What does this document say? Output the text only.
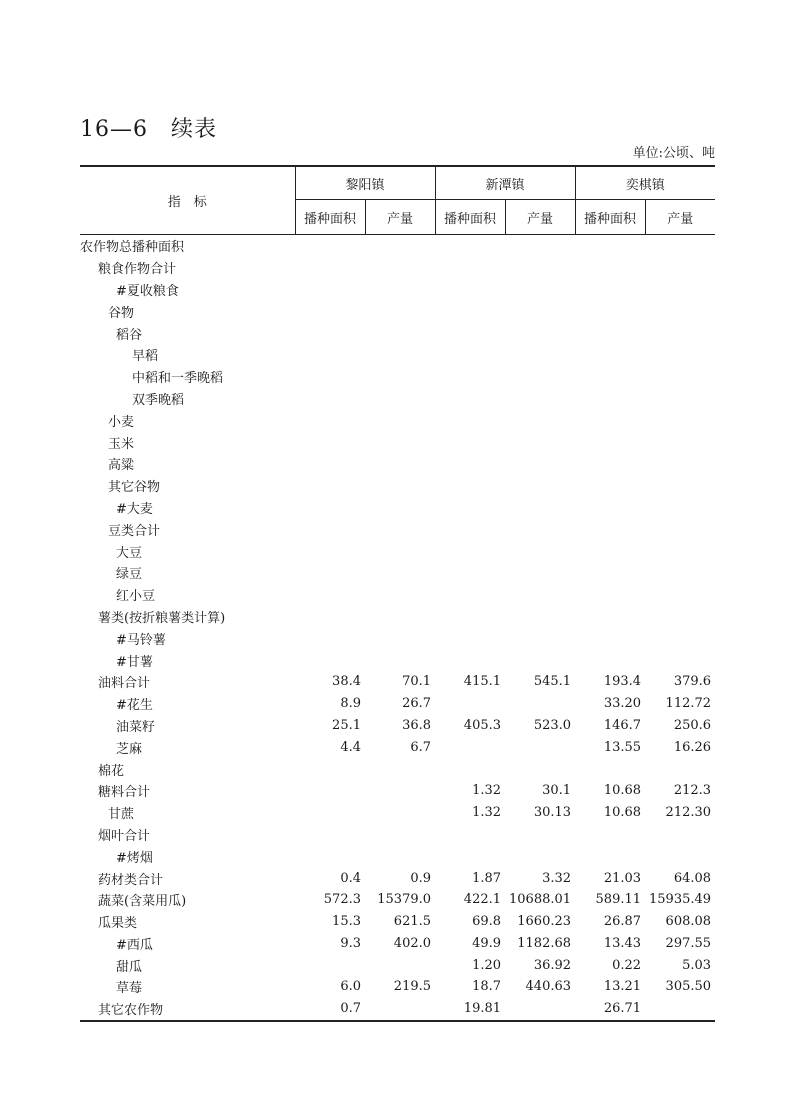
16—6　续表
单位:公顷、吨
指　标	黎阳镇		新潭镇		奕棋镇	
	播种面积	产量	播种面积	产量	播种面积	产量
农作物总播种面积						
粮食作物合计						
#夏收粮食						
谷物						
稻谷						
早稻						
中稻和一季晚稻						
双季晚稻						
小麦						
玉米						
高粱						
其它谷物						
#大麦						
豆类合计						
大豆						
绿豆						
红小豆						
薯类(按折粮薯类计算)						
#马铃薯						
#甘薯						
油料合计	38.4	70.1	415.1	545.1	193.4	379.6
#花生	8.9	26.7			33.20	112.72
油菜籽	25.1	36.8	405.3	523.0	146.7	250.6
芝麻	4.4	6.7			13.55	16.26
棉花						
糖料合计			1.32	30.1	10.68	212.3
甘蔗			1.32	30.13	10.68	212.30
烟叶合计						
#烤烟						
药材类合计	0.4	0.9	1.87	3.32	21.03	64.08
蔬菜(含菜用瓜)	572.3	15379.0	422.1	10688.01	589.11	15935.49
瓜果类	15.3	621.5	69.8	1660.23	26.87	608.08
#西瓜	9.3	402.0	49.9	1182.68	13.43	297.55
甜瓜			1.20	36.92	0.22	5.03
草莓	6.0	219.5	18.7	440.63	13.21	305.50
其它农作物	0.7		19.81		26.71	
